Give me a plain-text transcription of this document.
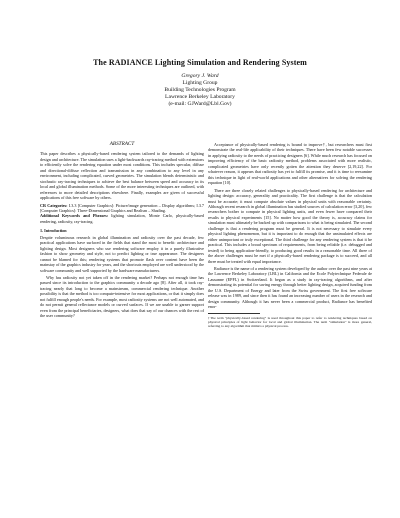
The RADIANCE Lighting Simulation and Rendering System
Gregory J. Ward
Lighting Group
Building Technologies Program
Lawrence Berkeley Laboratory
(e-mail: GJWard@Lbl.Gov)
ABSTRACT

This paper describes a physically-based rendering system tailored to the demands of lighting design and architecture. The simulation uses a light-backwards ray-tracing method with extensions to efficiently solve the rendering equation under most conditions. This includes specular, diffuse and directional-diffuse reflection and transmission in any combination to any level in any environment, including complicated, curved geometries. The simulation blends deterministic and stochastic ray-tracing techniques to achieve the best balance between speed and accuracy in its local and global illumination methods. Some of the more interesting techniques are outlined, with references to more detailed descriptions elsewhere. Finally, examples are given of successful applications of this free software by others.

CR Categories: I.3.3 [Computer Graphics]: Picture/image generation – Display algorithms; I.3.7 [Computer Graphics]: Three-Dimensional Graphics and Realism – Shading.

Additional Keywords and Phrases: lighting simulation, Monte Carlo, physically-based rendering, radiosity, ray-tracing.

1. Introduction

Despite voluminous research in global illumination and radiosity over the past decade, few practical applications have surfaced in the fields that stand the most to benefit: architecture and lighting design. Most designers who use rendering software employ it in a purely illustrative fashion to show geometry and style, not to predict lighting or true appearance. The designers cannot be blamed for this; rendering systems that promote flash over content have been the mainstay of the graphics industry for years, and the shortcuts employed are well understood by the software community and well supported by the hardware manufacturers.

Why has radiosity not yet taken off in the rendering market? Perhaps not enough time has passed since its introduction to the graphics community a decade ago [8]. After all, it took ray-tracing nearly that long to become a mainstream, commercial rendering technique. Another possibility is that the method is too compute-intensive for most applications, or that it simply does not fulfill enough people's needs. For example, most radiosity systems are not well automated, and do not permit general reflectance models or curved surfaces. If we are unable to garner support even from the principal beneficiaries, designers, what does that say of our chances with the rest of the user community?

Acceptance of physically-based rendering is bound to improve†, but researchers must first demonstrate the real-life applicability of their techniques. There have been few notable successes in applying radiosity to the needs of practicing designers [6]. While much research has focused on improving efficiency of the basic radiosity method, problems associated with more realistic, complicated geometries have only recently gotten the attention they deserve [2,19,22]. For whatever reason, it appears that radiosity has yet to fulfill its promise, and it is time to reexamine this technique in light of real-world applications and other alternatives for solving the rendering equation [10].

There are three closely related challenges to physically-based rendering for architecture and lighting design: accuracy, generality and practicality. The first challenge is that the calculation must be accurate; it must compute absolute values in physical units with reasonable certainty. Although recent research in global illumination has studied sources of calculation error [3,20], few researchers bother to compute in physical lighting units, and even fewer have compared their results to physical experiments [15]. No matter how good the theory is, accuracy claims for simulation must ultimately be backed up with comparisons to what is being simulated. The second challenge is that a rendering program must be general. It is not necessary to simulate every physical lighting phenomenon, but it is important to do enough that the unsimulated effects are either unimportant or truly exceptional. The third challenge for any rendering system is that it be practical. This includes a broad spectrum of requirements, from being reliable (i.e. debugged and tested) to being application-friendly, to producing good results in a reasonable time. All three of the above challenges must be met if a physically-based rendering package is to succeed, and all three must be treated with equal importance.

Radiance is the name of a rendering system developed by the author over the past nine years at the Lawrence Berkeley Laboratory (LBL) in California and the Ecole Polytechnique Federale de Lausanne (EPFL) in Switzerland. It began as a study in ray-tracing algorithms, and after demonstrating its potential for saving energy through better lighting design, acquired funding from the U.S. Department of Energy and later from the Swiss government. The first free software release was in 1989, and since then it has found an increasing number of users in the research and design community. Although it has never been a commercial product, Radiance has benefited enor-

†The term "physically-based rendering" is used throughout this paper to refer to rendering techniques based on physical principles of light behavior for local and global illumination. The term "simulation" is more general, referring to any algorithm that mimics a physical process.
